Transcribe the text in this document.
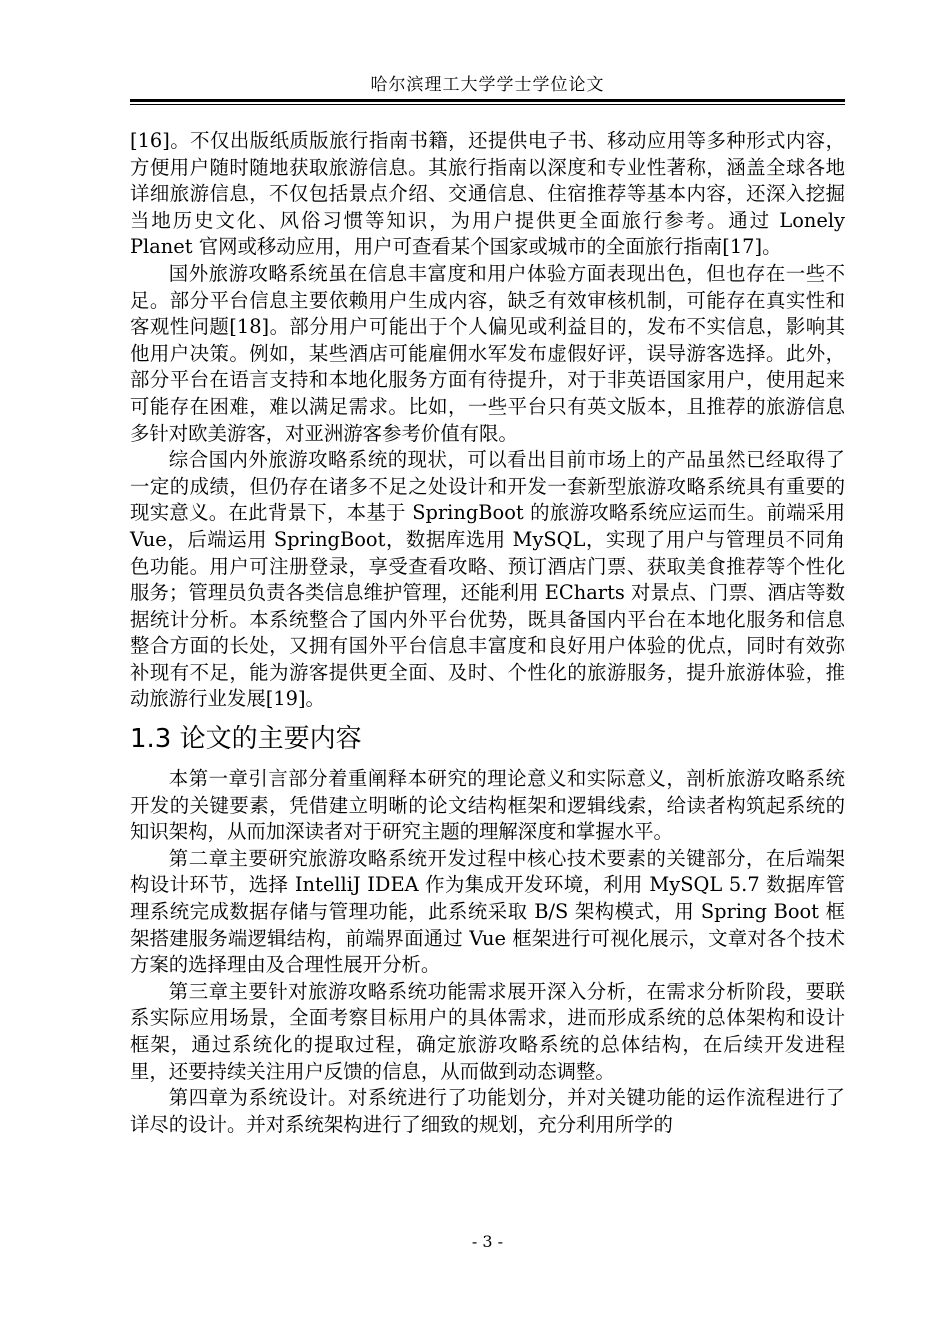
哈尔滨理工大学学士学位论文

[16]。不仅出版纸质版旅行指南书籍，还提供电子书、移动应用等多种形式内容，方便用户随时随地获取旅游信息。其旅行指南以深度和专业性著称，涵盖全球各地详细旅游信息，不仅包括景点介绍、交通信息、住宿推荐等基本内容，还深入挖掘当地历史文化、风俗习惯等知识，为用户提供更全面旅行参考。通过 Lonely Planet 官网或移动应用，用户可查看某个国家或城市的全面旅行指南[17]。

国外旅游攻略系统虽在信息丰富度和用户体验方面表现出色，但也存在一些不足。部分平台信息主要依赖用户生成内容，缺乏有效审核机制，可能存在真实性和客观性问题[18]。部分用户可能出于个人偏见或利益目的，发布不实信息，影响其他用户决策。例如，某些酒店可能雇佣水军发布虚假好评，误导游客选择。此外，部分平台在语言支持和本地化服务方面有待提升，对于非英语国家用户，使用起来可能存在困难，难以满足需求。比如，一些平台只有英文版本，且推荐的旅游信息多针对欧美游客，对亚洲游客参考价值有限。

综合国内外旅游攻略系统的现状，可以看出目前市场上的产品虽然已经取得了一定的成绩，但仍存在诸多不足之处设计和开发一套新型旅游攻略系统具有重要的现实意义。在此背景下，本基于 SpringBoot 的旅游攻略系统应运而生。前端采用 Vue，后端运用 SpringBoot，数据库选用 MySQL，实现了用户与管理员不同角色功能。用户可注册登录，享受查看攻略、预订酒店门票、获取美食推荐等个性化服务；管理员负责各类信息维护管理，还能利用 ECharts 对景点、门票、酒店等数据统计分析。本系统整合了国内外平台优势，既具备国内平台在本地化服务和信息整合方面的长处，又拥有国外平台信息丰富度和良好用户体验的优点，同时有效弥补现有不足，能为游客提供更全面、及时、个性化的旅游服务，提升旅游体验，推动旅游行业发展[19]。

1.3 论文的主要内容

本第一章引言部分着重阐释本研究的理论意义和实际意义，剖析旅游攻略系统开发的关键要素，凭借建立明晰的论文结构框架和逻辑线索，给读者构筑起系统的知识架构，从而加深读者对于研究主题的理解深度和掌握水平。

第二章主要研究旅游攻略系统开发过程中核心技术要素的关键部分，在后端架构设计环节，选择 IntelliJ IDEA 作为集成开发环境，利用 MySQL 5.7 数据库管理系统完成数据存储与管理功能，此系统采取 B/S 架构模式，用 Spring Boot 框架搭建服务端逻辑结构，前端界面通过 Vue 框架进行可视化展示，文章对各个技术方案的选择理由及合理性展开分析。

第三章主要针对旅游攻略系统功能需求展开深入分析，在需求分析阶段，要联系实际应用场景，全面考察目标用户的具体需求，进而形成系统的总体架构和设计框架，通过系统化的提取过程，确定旅游攻略系统的总体结构，在后续开发进程里，还要持续关注用户反馈的信息，从而做到动态调整。

第四章为系统设计。对系统进行了功能划分，并对关键功能的运作流程进行了详尽的设计。并对系统架构进行了细致的规划，充分利用所学的

- 3 -
